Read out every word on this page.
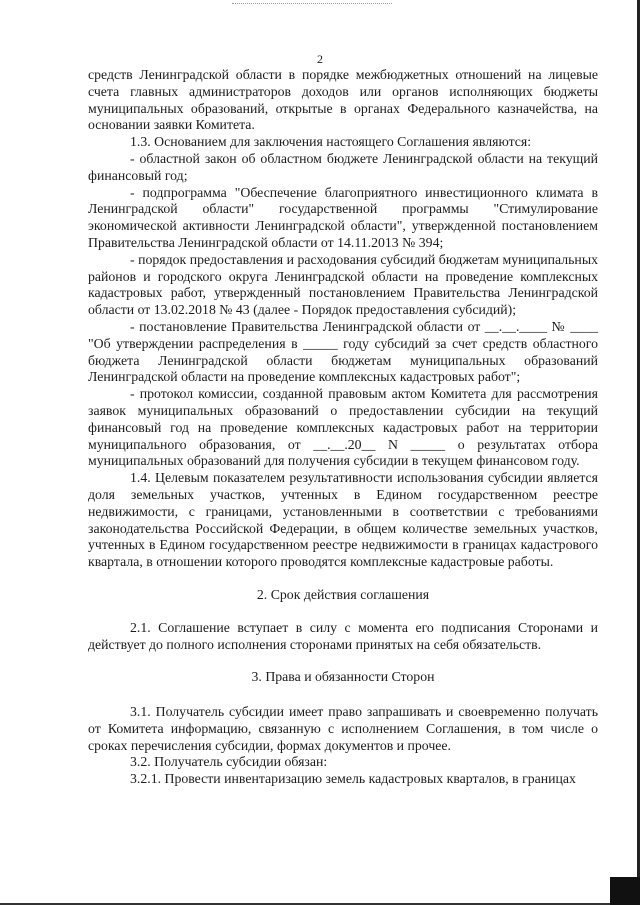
2

средств Ленинградской области в порядке межбюджетных отношений на лицевые счета главных администраторов доходов или органов исполняющих бюджеты муниципальных образований, открытые в органах Федерального казначейства, на основании заявки Комитета.

1.3. Основанием для заключения настоящего Соглашения являются:

- областной закон об областном бюджете Ленинградской области на текущий финансовый год;

- подпрограмма "Обеспечение благоприятного инвестиционного климата в Ленинградской области" государственной программы "Стимулирование экономической активности Ленинградской области", утвержденной постановлением Правительства Ленинградской области от 14.11.2013 № 394;

- порядок предоставления и расходования субсидий бюджетам муниципальных районов и городского округа Ленинградской области на проведение комплексных кадастровых работ, утвержденный постановлением Правительства Ленинградской области от 13.02.2018 № 43 (далее - Порядок предоставления субсидий);

- постановление Правительства Ленинградской области от __.__.____ № ____ "Об утверждении распределения в _____ году субсидий за счет средств областного бюджета Ленинградской области бюджетам муниципальных образований Ленинградской области на проведение комплексных кадастровых работ";

- протокол комиссии, созданной правовым актом Комитета для рассмотрения заявок муниципальных образований о предоставлении субсидии на текущий финансовый год на проведение комплексных кадастровых работ на территории муниципального образования, от __.__.20__ N _____ о результатах отбора муниципальных образований для получения субсидии в текущем финансовом году.

1.4. Целевым показателем результативности использования субсидии является доля земельных участков, учтенных в Едином государственном реестре недвижимости, с границами, установленными в соответствии с требованиями законодательства Российской Федерации, в общем количестве земельных участков, учтенных в Едином государственном реестре недвижимости в границах кадастрового квартала, в отношении которого проводятся комплексные кадастровые работы.

2. Срок действия соглашения

2.1. Соглашение вступает в силу с момента его подписания Сторонами и действует до полного исполнения сторонами принятых на себя обязательств.

3. Права и обязанности Сторон

3.1. Получатель субсидии имеет право запрашивать и своевременно получать от Комитета информацию, связанную с исполнением Соглашения, в том числе о сроках перечисления субсидии, формах документов и прочее.

3.2. Получатель субсидии обязан:

3.2.1. Провести инвентаризацию земель кадастровых кварталов, в границах
